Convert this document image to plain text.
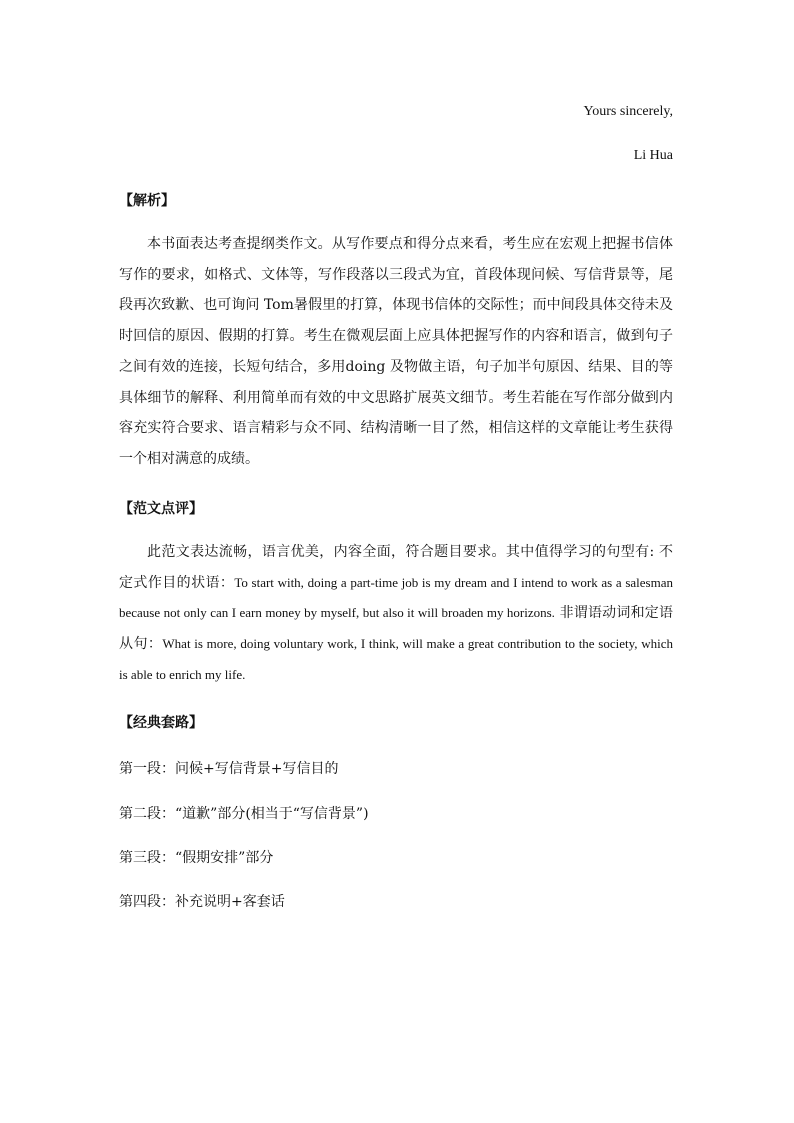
Yours sincerely,
Li Hua
【解析】
本书面表达考查提纲类作文。从写作要点和得分点来看，考生应在宏观上把握书信体写作的要求，如格式、文体等，写作段落以三段式为宜，首段体现问候、写信背景等，尾段再次致歉、也可询问 Tom暑假里的打算，体现书信体的交际性；而中间段具体交待未及时回信的原因、假期的打算。考生在微观层面上应具体把握写作的内容和语言，做到句子之间有效的连接，长短句结合，多用doing 及物做主语，句子加半句原因、结果、目的等具体细节的解释、利用简单而有效的中文思路扩展英文细节。考生若能在写作部分做到内容充实符合要求、语言精彩与众不同、结构清晰一目了然，相信这样的文章能让考生获得一个相对满意的成绩。
【范文点评】
此范文表达流畅，语言优美，内容全面，符合题目要求。其中值得学习的句型有: 不定式作目的状语：To start with, doing a part-time job is my dream and I intend to work as a salesman because not only can I earn money by myself, but also it will broaden my horizons. 非谓语动词和定语从句：What is more, doing voluntary work, I think, will make a great contribution to the society, which is able to enrich my life.
【经典套路】
第一段：问候+写信背景+写信目的
第二段：“道歉”部分(相当于“写信背景”)
第三段：“假期安排”部分
第四段：补充说明+客套话
